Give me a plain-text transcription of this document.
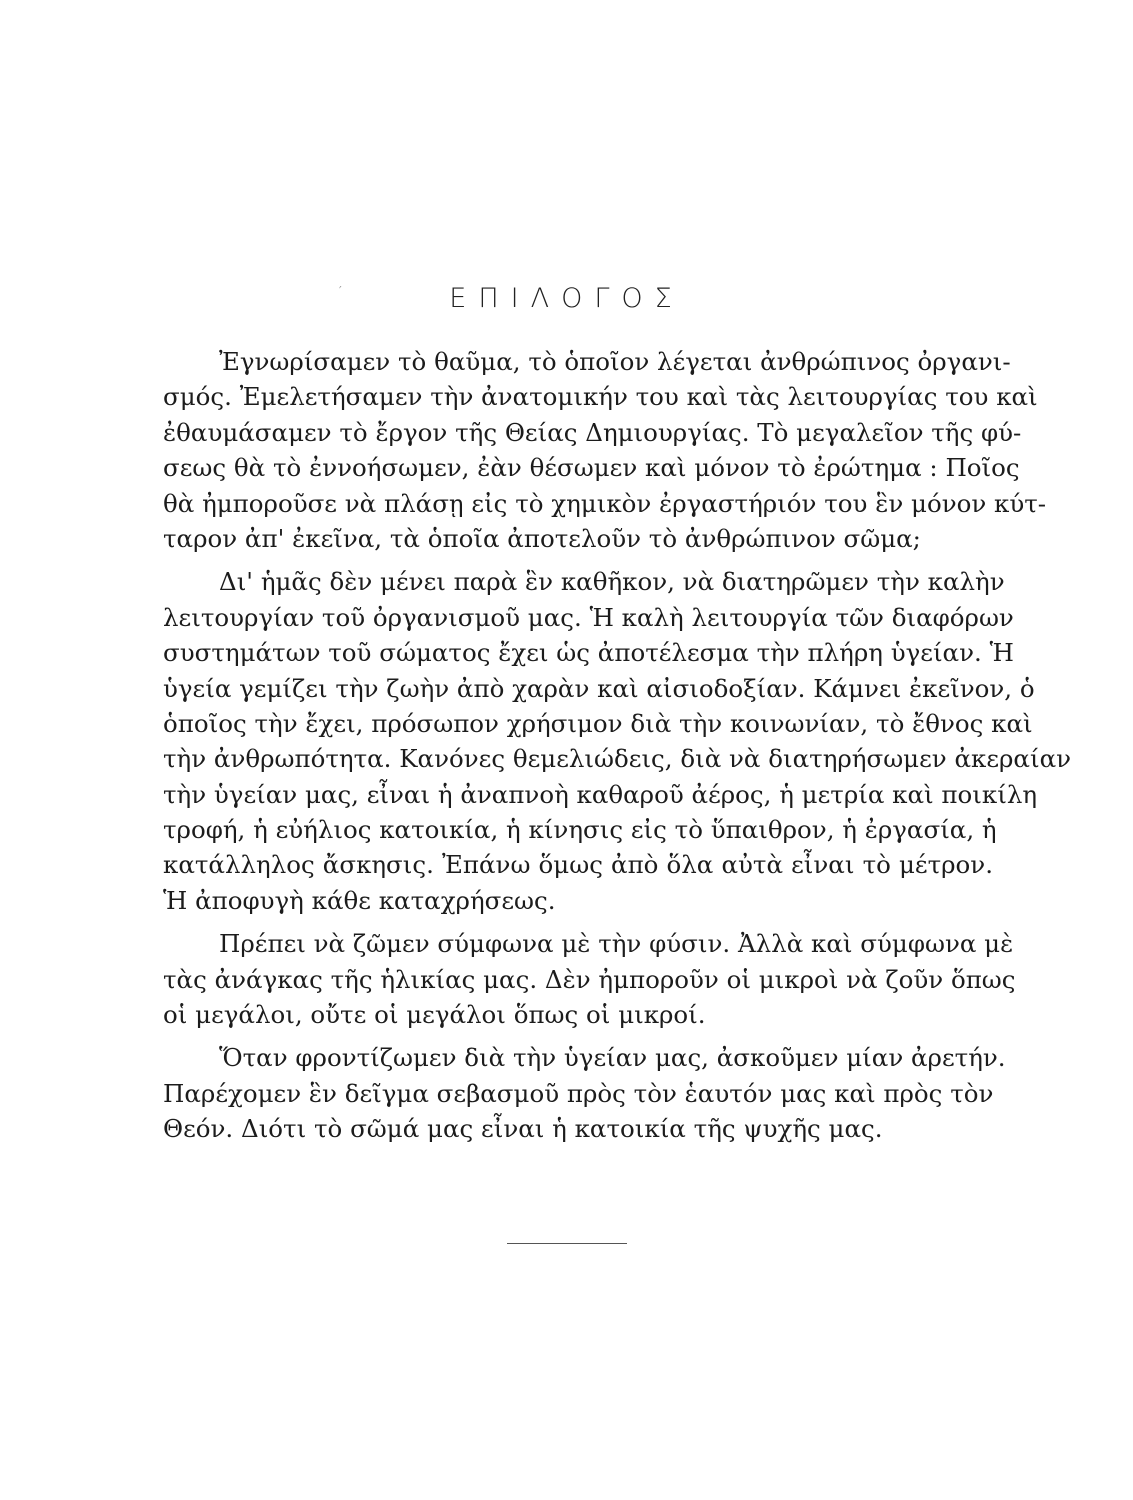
′	ΕΠΙΛΟΓΟΣ
Ἐγνωρίσαμεν τὸ θαῦμα, τὸ ὁποῖον λέγεται ἀνθρώπινος ὀργανι-
σμός. Ἐμελετήσαμεν τὴν ἀνατομικήν του καὶ τὰς λειτουργίας του καὶ
ἐθαυμάσαμεν τὸ ἔργον τῆς Θείας Δημιουργίας. Τὸ μεγαλεῖον τῆς φύ-
σεως θὰ τὸ ἐννοήσωμεν, ἐὰν θέσωμεν καὶ μόνον τὸ ἐρώτημα : Ποῖος
θὰ ἠμποροῦσε νὰ πλάσῃ εἰς τὸ χημικὸν ἐργαστήριόν του ἓν μόνον κύτ-
ταρον ἀπ' ἐκεῖνα, τὰ ὁποῖα ἀποτελοῦν τὸ ἀνθρώπινον σῶμα;
Δι' ἡμᾶς δὲν μένει παρὰ ἓν καθῆκον, νὰ διατηρῶμεν τὴν καλὴν
λειτουργίαν τοῦ ὀργανισμοῦ μας. Ἡ καλὴ λειτουργία τῶν διαφόρων
συστημάτων τοῦ σώματος ἔχει ὡς ἀποτέλεσμα τὴν πλήρη ὑγείαν. Ἡ
ὑγεία γεμίζει τὴν ζωὴν ἀπὸ χαρὰν καὶ αἰσιοδοξίαν. Κάμνει ἐκεῖνον, ὁ
ὁποῖος τὴν ἔχει, πρόσωπον χρήσιμον διὰ τὴν κοινωνίαν, τὸ ἔθνος καὶ
τὴν ἀνθρωπότητα. Κανόνες θεμελιώδεις, διὰ νὰ διατηρήσωμεν ἀκεραίαν
τὴν ὑγείαν μας, εἶναι ἡ ἀναπνοὴ καθαροῦ ἀέρος, ἡ μετρία καὶ ποικίλη
τροφή, ἡ εὐήλιος κατοικία, ἡ κίνησις εἰς τὸ ὕπαιθρον, ἡ ἐργασία, ἡ
κατάλληλος ἄσκησις. Ἐπάνω ὅμως ἀπὸ ὅλα αὐτὰ εἶναι τὸ μέτρον.
Ἡ ἀποφυγὴ κάθε καταχρήσεως.
Πρέπει νὰ ζῶμεν σύμφωνα μὲ τὴν φύσιν. Ἀλλὰ καὶ σύμφωνα μὲ
τὰς ἀνάγκας τῆς ἡλικίας μας. Δὲν ἠμποροῦν οἱ μικροὶ νὰ ζοῦν ὅπως
οἱ μεγάλοι, οὔτε οἱ μεγάλοι ὅπως οἱ μικροί.
Ὅταν φροντίζωμεν διὰ τὴν ὑγείαν μας, ἀσκοῦμεν μίαν ἀρετήν.
Παρέχομεν ἓν δεῖγμα σεβασμοῦ πρὸς τὸν ἑαυτόν μας καὶ πρὸς τὸν
Θεόν. Διότι τὸ σῶμά μας εἶναι ἡ κατοικία τῆς ψυχῆς μας.
